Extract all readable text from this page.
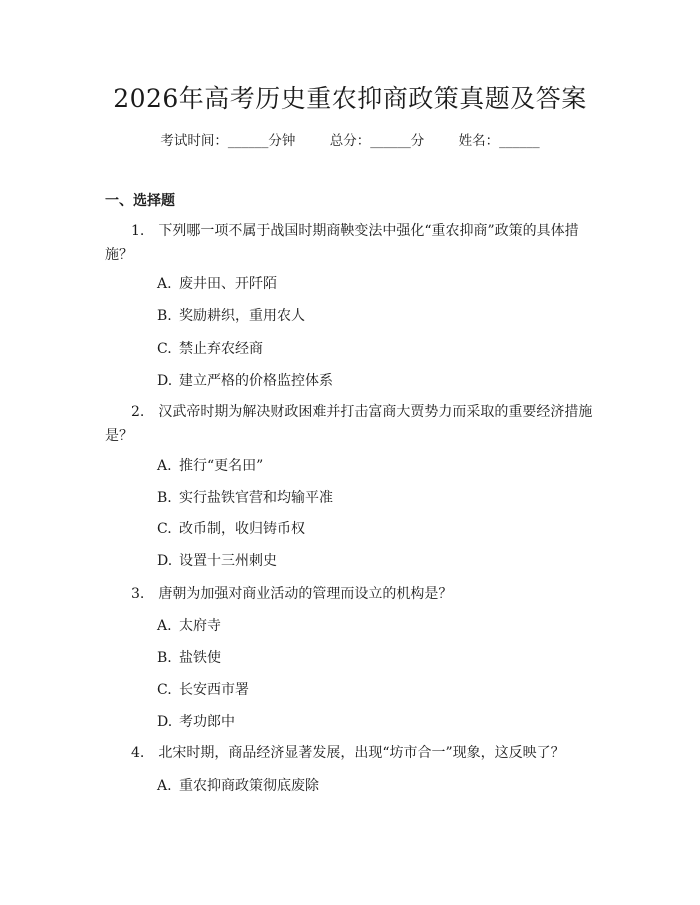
2026年高考历史重农抑商政策真题及答案
考试时间：______分钟	总分：______分	姓名：______
一、选择题
1. 下列哪一项不属于战国时期商鞅变法中强化“重农抑商”政策的具体措施？
A. 废井田、开阡陌
B. 奖励耕织，重用农人
C. 禁止弃农经商
D. 建立严格的价格监控体系
2. 汉武帝时期为解决财政困难并打击富商大贾势力而采取的重要经济措施是？
A. 推行“更名田”
B. 实行盐铁官营和均输平准
C. 改币制，收归铸币权
D. 设置十三州刺史
3. 唐朝为加强对商业活动的管理而设立的机构是？
A. 太府寺
B. 盐铁使
C. 长安西市署
D. 考功郎中
4. 北宋时期，商品经济显著发展，出现“坊市合一”现象，这反映了？
A. 重农抑商政策彻底废除
